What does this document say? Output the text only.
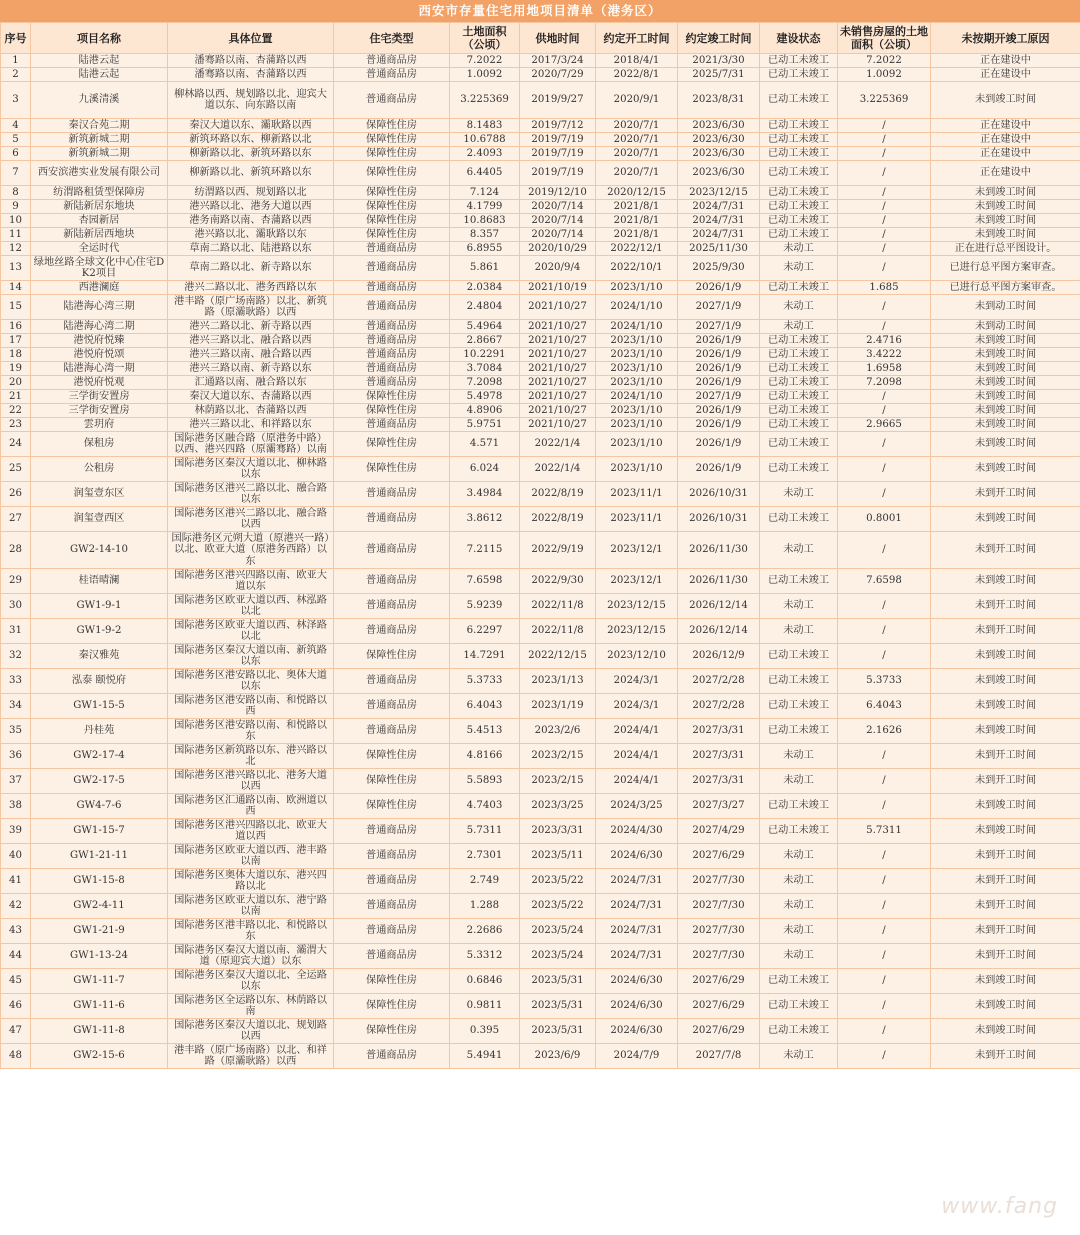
西安市存量住宅用地项目清单（港务区）
序号	项目名称	具体位置	住宅类型	土地面积（公顷）	供地时间	约定开工时间	约定竣工时间	建设状态	未销售房屋的土地面积（公顷）	未按期开竣工原因
1	陆港云起	潘骞路以南、杏蒲路以西	普通商品房	7.2022	2017/3/24	2018/4/1	2021/3/30	已动工未竣工	7.2022	正在建设中
2	陆港云起	潘骞路以南、杏蒲路以西	普通商品房	1.0092	2020/7/29	2022/8/1	2025/7/31	已动工未竣工	1.0092	正在建设中
3	九溪清溪	柳林路以西、规划路以北、迎宾大道以东、向东路以南	普通商品房	3.225369	2019/9/27	2020/9/1	2023/8/31	已动工未竣工	3.225369	未到竣工时间
4	秦汉合苑二期	秦汉大道以东、灞耿路以西	保障性住房	8.1483	2019/7/12	2020/7/1	2023/6/30	已动工未竣工	/	正在建设中
5	新筑新城二期	新筑环路以东、柳新路以北	保障性住房	10.6788	2019/7/19	2020/7/1	2023/6/30	已动工未竣工	/	正在建设中
6	新筑新城二期	柳新路以北、新筑环路以东	保障性住房	2.4093	2019/7/19	2020/7/1	2023/6/30	已动工未竣工	/	正在建设中
7	西安滨港实业发展有限公司	柳新路以北、新筑环路以东	保障性住房	6.4405	2019/7/19	2020/7/1	2023/6/30	已动工未竣工	/	正在建设中
8	纺渭路租赁型保障房	纺渭路以西、规划路以北	保障性住房	7.124	2019/12/10	2020/12/15	2023/12/15	已动工未竣工	/	未到竣工时间
9	新陆新居东地块	港兴路以北、港务大道以西	保障性住房	4.1799	2020/7/14	2021/8/1	2024/7/31	已动工未竣工	/	未到竣工时间
10	杏园新居	港务南路以南、杏蒲路以西	保障性住房	10.8683	2020/7/14	2021/8/1	2024/7/31	已动工未竣工	/	未到竣工时间
11	新陆新居西地块	港兴路以北、灞耿路以东	保障性住房	8.357	2020/7/14	2021/8/1	2024/7/31	已动工未竣工	/	未到竣工时间
12	全运时代	草南二路以北、陆港路以东	普通商品房	6.8955	2020/10/29	2022/12/1	2025/11/30	未动工	/	正在进行总平图设计。
13	绿地丝路全球文化中心住宅DK2项目	草南二路以北、新寺路以东	普通商品房	5.861	2020/9/4	2022/10/1	2025/9/30	未动工	/	已进行总平图方案审查。
14	西港澜庭	港兴二路以北、港务西路以东	普通商品房	2.0384	2021/10/19	2023/1/10	2026/1/9	已动工未竣工	1.685	已进行总平图方案审查。
15	陆港海心湾三期	港丰路（原广场南路）以北、新筑路（原灞耿路）以西	普通商品房	2.4804	2021/10/27	2024/1/10	2027/1/9	未动工	/	未到动工时间
16	陆港海心湾二期	港兴二路以北、新寺路以西	普通商品房	5.4964	2021/10/27	2024/1/10	2027/1/9	未动工	/	未到动工时间
17	港悦府悦臻	港兴三路以北、融合路以西	普通商品房	2.8667	2021/10/27	2023/1/10	2026/1/9	已动工未竣工	2.4716	未到竣工时间
18	港悦府悦颂	港兴三路以南、融合路以西	普通商品房	10.2291	2021/10/27	2023/1/10	2026/1/9	已动工未竣工	3.4222	未到竣工时间
19	陆港海心湾一期	港兴三路以南、新寺路以东	普通商品房	3.7084	2021/10/27	2023/1/10	2026/1/9	已动工未竣工	1.6958	未到竣工时间
20	港悦府悦观	汇通路以南、融合路以东	普通商品房	7.2098	2021/10/27	2023/1/10	2026/1/9	已动工未竣工	7.2098	未到竣工时间
21	三学街安置房	秦汉大道以东、杏蒲路以西	保障性住房	5.4978	2021/10/27	2024/1/10	2027/1/9	已动工未竣工	/	未到竣工时间
22	三学街安置房	林荫路以北、杏蒲路以西	保障性住房	4.8906	2021/10/27	2023/1/10	2026/1/9	已动工未竣工	/	未到竣工时间
23	雲玥府	港兴三路以北、和祥路以东	普通商品房	5.9751	2021/10/27	2023/1/10	2026/1/9	已动工未竣工	2.9665	未到竣工时间
24	保租房	国际港务区融合路（原港务中路）以西、港兴四路（原灞骞路）以南	保障性住房	4.571	2022/1/4	2023/1/10	2026/1/9	已动工未竣工	/	未到竣工时间
25	公租房	国际港务区秦汉大道以北、柳林路以东	保障性住房	6.024	2022/1/4	2023/1/10	2026/1/9	已动工未竣工	/	未到竣工时间
26	润玺壹东区	国际港务区港兴二路以北、融合路以东	普通商品房	3.4984	2022/8/19	2023/11/1	2026/10/31	未动工	/	未到开工时间
27	润玺壹西区	国际港务区港兴二路以北、融合路以西	普通商品房	3.8612	2022/8/19	2023/11/1	2026/10/31	已动工未竣工	0.8001	未到竣工时间
28	GW2-14-10	国际港务区元朔大道（原港兴一路）以北、欧亚大道（原港务西路）以东	普通商品房	7.2115	2022/9/19	2023/12/1	2026/11/30	未动工	/	未到开工时间
29	桂语晴澜	国际港务区港兴四路以南、欧亚大道以东	普通商品房	7.6598	2022/9/30	2023/12/1	2026/11/30	已动工未竣工	7.6598	未到竣工时间
30	GW1-9-1	国际港务区欧亚大道以西、林泓路以北	普通商品房	5.9239	2022/11/8	2023/12/15	2026/12/14	未动工	/	未到开工时间
31	GW1-9-2	国际港务区欧亚大道以西、林泽路以北	普通商品房	6.2297	2022/11/8	2023/12/15	2026/12/14	未动工	/	未到开工时间
32	秦汉雅苑	国际港务区秦汉大道以南、新筑路以东	保障性住房	14.7291	2022/12/15	2023/12/10	2026/12/9	已动工未竣工	/	未到竣工时间
33	泓泰 颐悦府	国际港务区港安路以北、奥体大道以东	普通商品房	5.3733	2023/1/13	2024/3/1	2027/2/28	已动工未竣工	5.3733	未到竣工时间
34	GW1-15-5	国际港务区港安路以南、和悦路以西	普通商品房	6.4043	2023/1/19	2024/3/1	2027/2/28	已动工未竣工	6.4043	未到竣工时间
35	丹桂苑	国际港务区港安路以南、和悦路以东	普通商品房	5.4513	2023/2/6	2024/4/1	2027/3/31	已动工未竣工	2.1626	未到竣工时间
36	GW2-17-4	国际港务区新筑路以东、港兴路以北	保障性住房	4.8166	2023/2/15	2024/4/1	2027/3/31	未动工	/	未到开工时间
37	GW2-17-5	国际港务区港兴路以北、港务大道以西	保障性住房	5.5893	2023/2/15	2024/4/1	2027/3/31	未动工	/	未到开工时间
38	GW4-7-6	国际港务区汇通路以南、欧洲道以西	保障性住房	4.7403	2023/3/25	2024/3/25	2027/3/27	已动工未竣工	/	未到竣工时间
39	GW1-15-7	国际港务区港兴四路以北、欧亚大道以西	普通商品房	5.7311	2023/3/31	2024/4/30	2027/4/29	已动工未竣工	5.7311	未到竣工时间
40	GW1-21-11	国际港务区欧亚大道以西、港丰路以南	普通商品房	2.7301	2023/5/11	2024/6/30	2027/6/29	未动工	/	未到开工时间
41	GW1-15-8	国际港务区奥体大道以东、港兴四路以北	普通商品房	2.749	2023/5/22	2024/7/31	2027/7/30	未动工	/	未到开工时间
42	GW2-4-11	国际港务区欧亚大道以东、港宁路以南	普通商品房	1.288	2023/5/22	2024/7/31	2027/7/30	未动工	/	未到开工时间
43	GW1-21-9	国际港务区港丰路以北、和悦路以东	普通商品房	2.2686	2023/5/24	2024/7/31	2027/7/30	未动工	/	未到开工时间
44	GW1-13-24	国际港务区秦汉大道以南、灞渭大道（原迎宾大道）以东	普通商品房	5.3312	2023/5/24	2024/7/31	2027/7/30	未动工	/	未到开工时间
45	GW1-11-7	国际港务区秦汉大道以北、全运路以东	保障性住房	0.6846	2023/5/31	2024/6/30	2027/6/29	已动工未竣工	/	未到竣工时间
46	GW1-11-6	国际港务区全运路以东、林荫路以南	保障性住房	0.9811	2023/5/31	2024/6/30	2027/6/29	已动工未竣工	/	未到竣工时间
47	GW1-11-8	国际港务区秦汉大道以北、规划路以西	保障性住房	0.395	2023/5/31	2024/6/30	2027/6/29	已动工未竣工	/	未到竣工时间
48	GW2-15-6	港丰路（原广场南路）以北、和祥路（原灞耿路）以西	普通商品房	5.4941	2023/6/9	2024/7/9	2027/7/8	未动工	/	未到开工时间
www.fang
